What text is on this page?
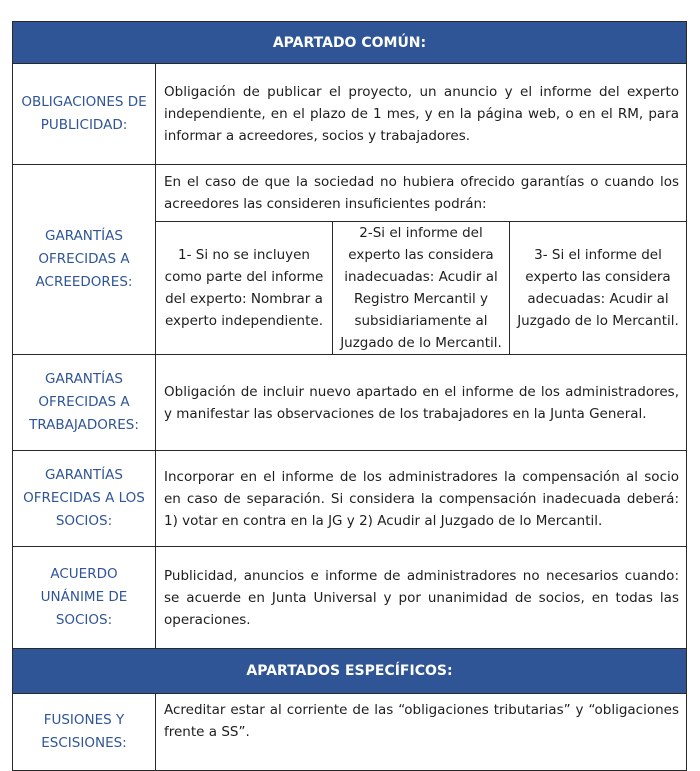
APARTADO COMÚN:
OBLIGACIONES DE PUBLICIDAD:
Obligación de publicar el proyecto, un anuncio y el informe del experto independiente, en el plazo de 1 mes, y en la página web, o en el RM, para informar a acreedores, socios y trabajadores.
GARANTÍAS OFRECIDAS A ACREEDORES:
En el caso de que la sociedad no hubiera ofrecido garantías o cuando los acreedores las consideren insuficientes podrán:
1- Si no se incluyen como parte del informe del experto: Nombrar a experto independiente.
2-Si el informe del experto las considera inadecuadas: Acudir al Registro Mercantil y subsidiariamente al Juzgado de lo Mercantil.
3- Si el informe del experto las considera adecuadas: Acudir al Juzgado de lo Mercantil.
GARANTÍAS OFRECIDAS A TRABAJADORES:
Obligación de incluir nuevo apartado en el informe de los administradores, y manifestar las observaciones de los trabajadores en la Junta General.
GARANTÍAS OFRECIDAS A LOS SOCIOS:
Incorporar en el informe de los administradores la compensación al socio en caso de separación. Si considera la compensación inadecuada deberá: 1) votar en contra en la JG y 2) Acudir al Juzgado de lo Mercantil.
ACUERDO UNÁNIME DE SOCIOS:
Publicidad, anuncios e informe de administradores no necesarios cuando: se acuerde en Junta Universal y por unanimidad de socios, en todas las operaciones.
APARTADOS ESPECÍFICOS:
FUSIONES Y ESCISIONES:
Acreditar estar al corriente de las “obligaciones tributarias” y “obligaciones frente a SS”.
